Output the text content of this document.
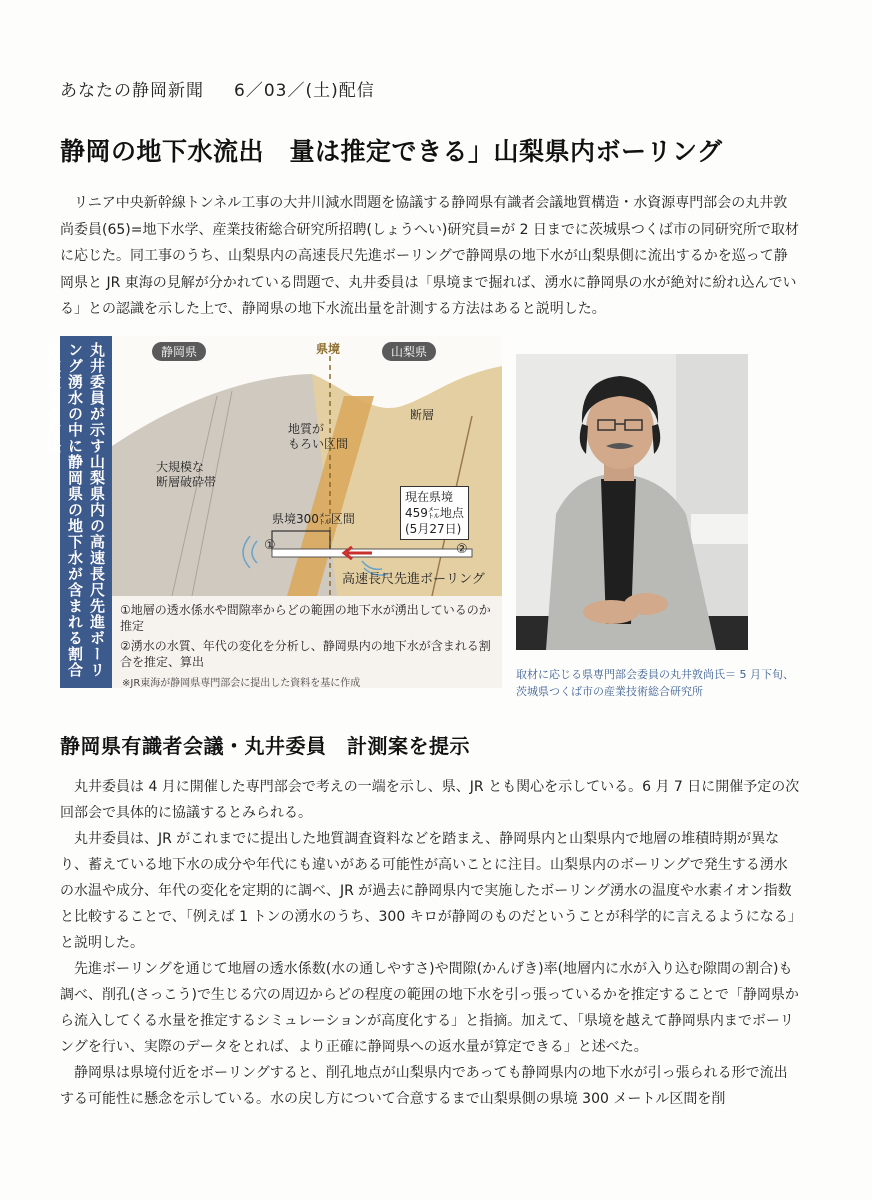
あなたの静岡新聞 6／03／(土)配信
静岡の地下水流出　量は推定できる」山梨県内ボーリング

リニア中央新幹線トンネル工事の大井川減水問題を協議する静岡県有識者会議地質構造・水資源専門部会の丸井敦尚委員(65)=地下水学、産業技術総合研究所招聘(しょうへい)研究員=が 2 日までに茨城県つくば市の同研究所で取材に応じた。同工事のうち、山梨県内の高速長尺先進ボーリングで静岡県の地下水が山梨県側に流出するかを巡って静岡県と JR 東海の見解が分かれている問題で、丸井委員は「県境まで掘れば、湧水に静岡県の水が絶対に紛れ込んでいる」との認識を示した上で、静岡県の地下水流出量を計測する方法はあると説明した。

丸井委員が示す山梨県内の高速長尺先進ボーリング湧水の中に静岡県の地下水が含まれる割合を推定する方法	静岡県	県境	山梨県
大規模な
断層破砕帯
地質が
もろい区間
断層
県境300㍍区間
現在県境
459㍍地点
(5月27日)
①	②
高速長尺先進ボーリング
①地層の透水係水や間隙率からどの範囲の地下水が湧出しているのか推定
②湧水の水質、年代の変化を分析し、静岡県内の地下水が含まれる割合を推定、算出
※JR東海が静岡県専門部会に提出した資料を基に作成
取材に応じる県専門部会委員の丸井敦尚氏＝ 5 月下旬、茨城県つくば市の産業技術総合研究所
静岡県有識者会議・丸井委員　計測案を提示

丸井委員は 4 月に開催した専門部会で考えの一端を示し、県、JR とも関心を示している。6 月 7 日に開催予定の次回部会で具体的に協議するとみられる。

丸井委員は、JR がこれまでに提出した地質調査資料などを踏まえ、静岡県内と山梨県内で地層の堆積時期が異なり、蓄えている地下水の成分や年代にも違いがある可能性が高いことに注目。山梨県内のボーリングで発生する湧水の水温や成分、年代の変化を定期的に調べ、JR が過去に静岡県内で実施したボーリング湧水の温度や水素イオン指数と比較することで、「例えば 1 トンの湧水のうち、300 キロが静岡のものだということが科学的に言えるようになる」と説明した。

先進ボーリングを通じて地層の透水係数(水の通しやすさ)や間隙(かんげき)率(地層内に水が入り込む隙間の割合)も調べ、削孔(さっこう)で生じる穴の周辺からどの程度の範囲の地下水を引っ張っているかを推定することで「静岡県から流入してくる水量を推定するシミュレーションが高度化する」と指摘。加えて、「県境を越えて静岡県内までボーリングを行い、実際のデータをとれば、より正確に静岡県への返水量が算定できる」と述べた。

静岡県は県境付近をボーリングすると、削孔地点が山梨県内であっても静岡県内の地下水が引っ張られる形で流出する可能性に懸念を示している。水の戻し方について合意するまで山梨県側の県境 300 メートル区間を削
